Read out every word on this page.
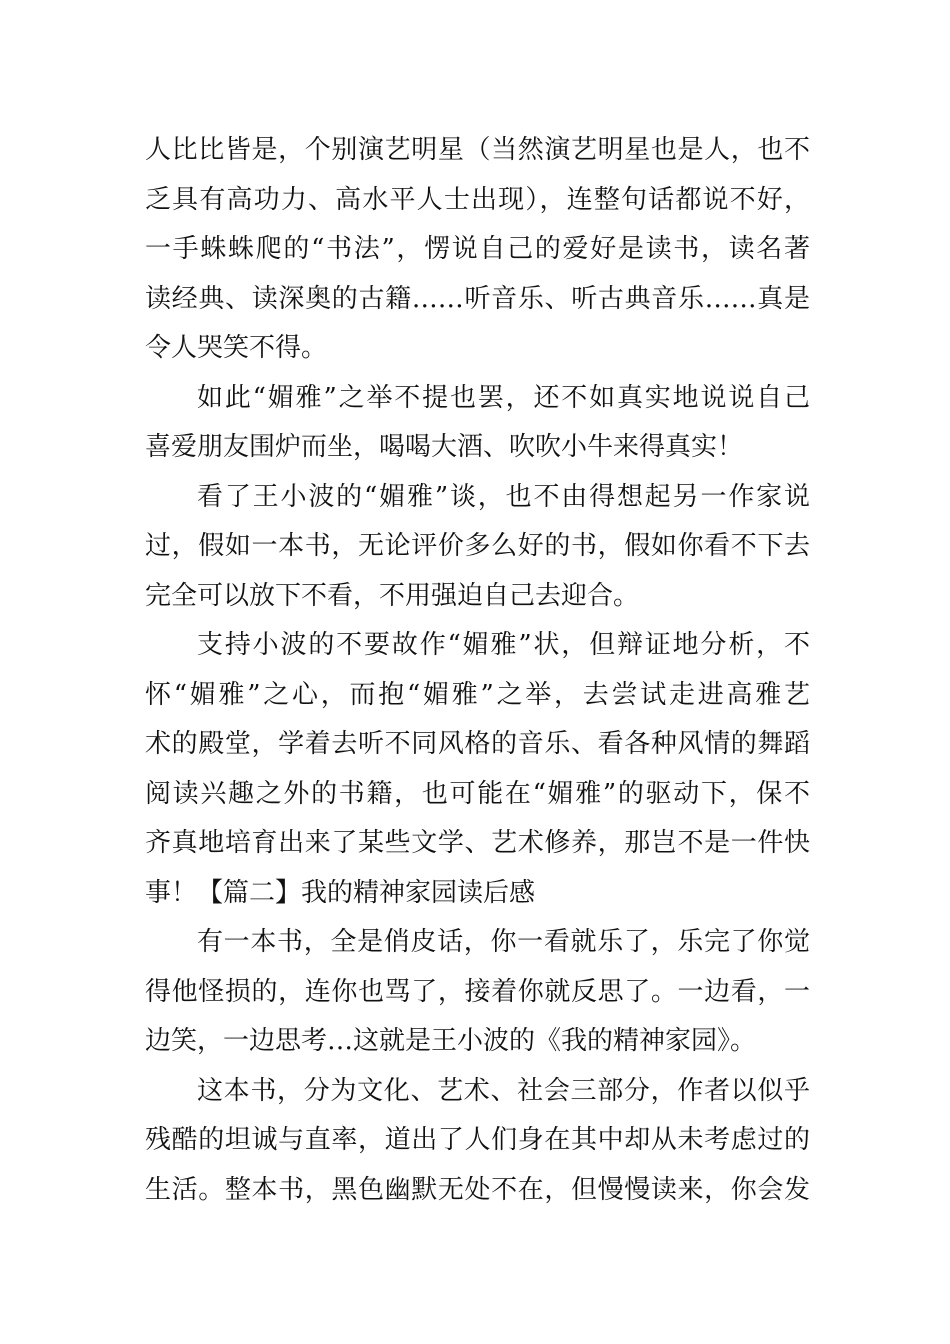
人比比皆是，个别演艺明星（当然演艺明星也是人，也不
乏具有高功力、高水平人士出现），连整句话都说不好，
一手蛛蛛爬的“书法”，愣说自己的爱好是读书，读名著
读经典、读深奥的古籍……听音乐、听古典音乐……真是
令人哭笑不得。
如此“媚雅”之举不提也罢，还不如真实地说说自己
喜爱朋友围炉而坐，喝喝大酒、吹吹小牛来得真实！
看了王小波的“媚雅”谈，也不由得想起另一作家说
过，假如一本书，无论评价多么好的书，假如你看不下去
完全可以放下不看，不用强迫自己去迎合。
支持小波的不要故作“媚雅”状，但辩证地分析，不
怀“媚雅”之心，而抱“媚雅”之举，去尝试走进高雅艺
术的殿堂，学着去听不同风格的音乐、看各种风情的舞蹈
阅读兴趣之外的书籍，也可能在“媚雅”的驱动下，保不
齐真地培育出来了某些文学、艺术修养，那岂不是一件快
事！【篇二】我的精神家园读后感
有一本书，全是俏皮话，你一看就乐了，乐完了你觉
得他怪损的，连你也骂了，接着你就反思了。一边看，一
边笑，一边思考…这就是王小波的《我的精神家园》。
这本书，分为文化、艺术、社会三部分，作者以似乎
残酷的坦诚与直率，道出了人们身在其中却从未考虑过的
生活。整本书，黑色幽默无处不在，但慢慢读来，你会发
